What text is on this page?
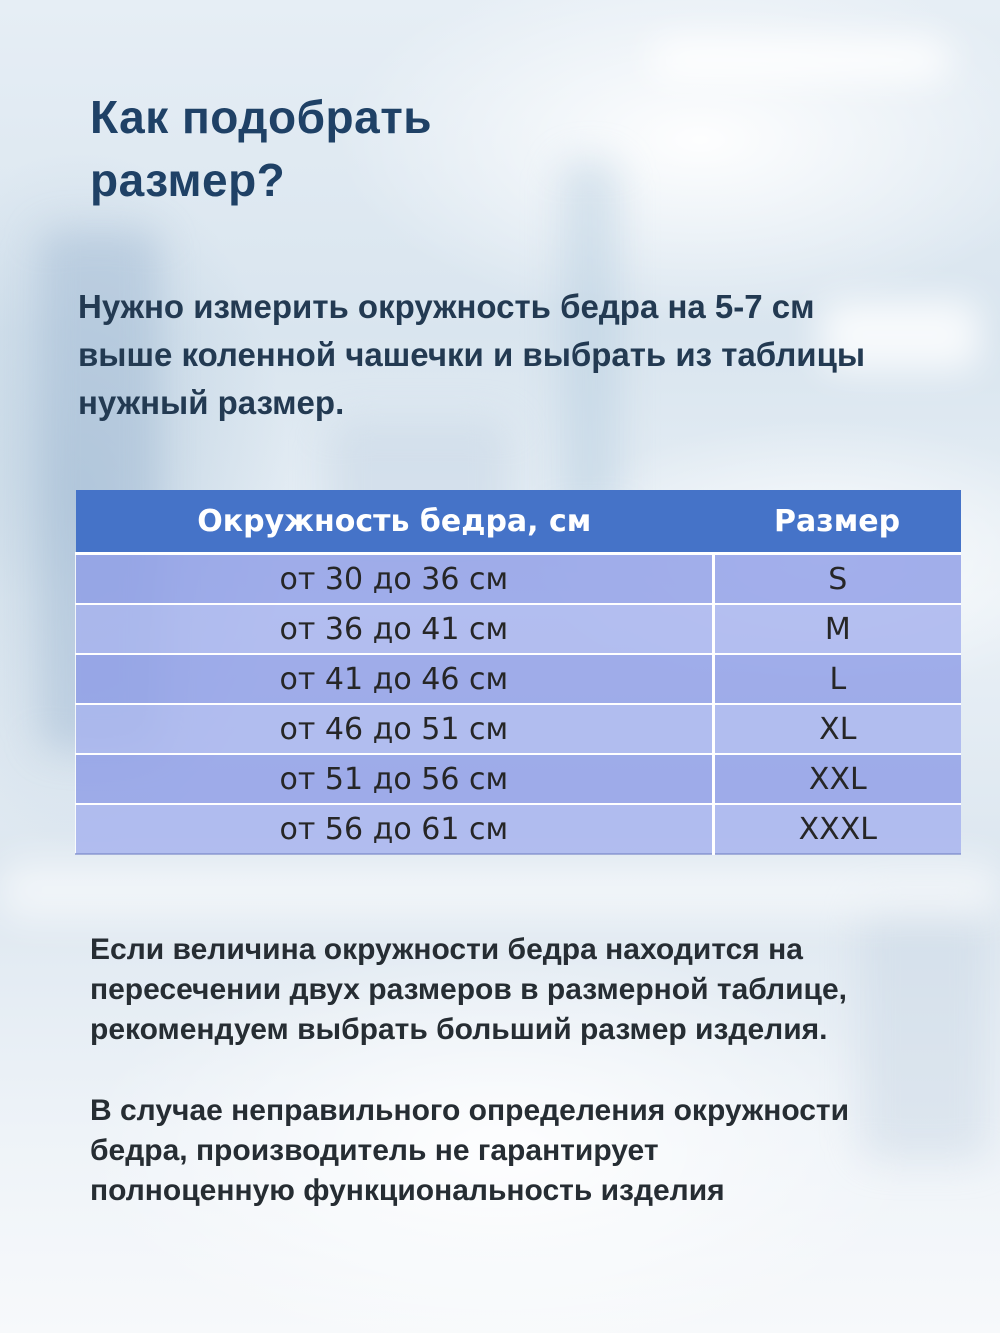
Как подобрать
размер?

Нужно измерить окружность бедра на 5-7 см
выше коленной чашечки и выбрать из таблицы
нужный размер.

Окружность бедра, см	Размер
от 30 до 36 см	S
от 36 до 41 см	M
от 41 до 46 см	L
от 46 до 51 см	XL
от 51 до 56 см	XXL
от 56 до 61 см	XXXL

Если величина окружности бедра находится на
пересечении двух размеров в размерной таблице,
рекомендуем выбрать больший размер изделия.

В случае неправильного определения окружности
бедра, производитель не гарантирует
полноценную функциональность изделия
